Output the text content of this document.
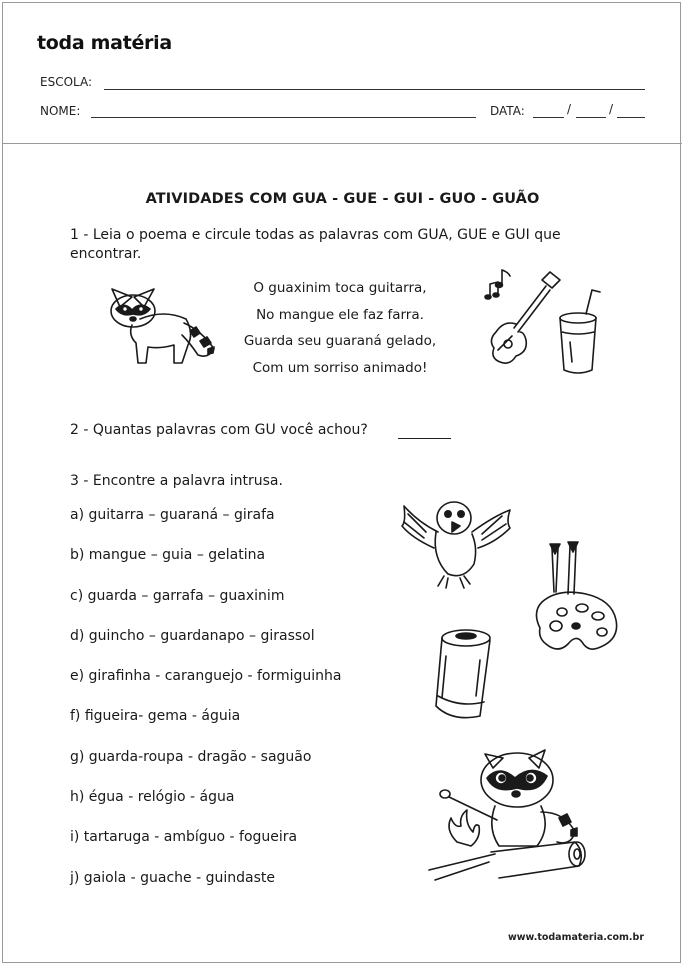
toda matéria
ESCOLA:
NOME:	DATA:	/	/
ATIVIDADES COM GUA - GUE - GUI - GUO - GUÃO
1 - Leia o poema e circule todas as palavras com GUA, GUE e GUI que encontrar.
O guaxinim toca guitarra,
No mangue ele faz farra.
Guarda seu guaraná gelado,
Com um sorriso animado!
2 - Quantas palavras com GU você achou?
3 - Encontre a palavra intrusa.
a) guitarra – guaraná – girafa
b) mangue – guia – gelatina
c) guarda – garrafa – guaxinim
d) guincho – guardanapo – girassol
e) girafinha - caranguejo - formiguinha
f) figueira- gema - águia
g) guarda-roupa - dragão - saguão
h) égua - relógio - água
i) tartaruga - ambíguo - fogueira
j) gaiola - guache - guindaste
www.todamateria.com.br
